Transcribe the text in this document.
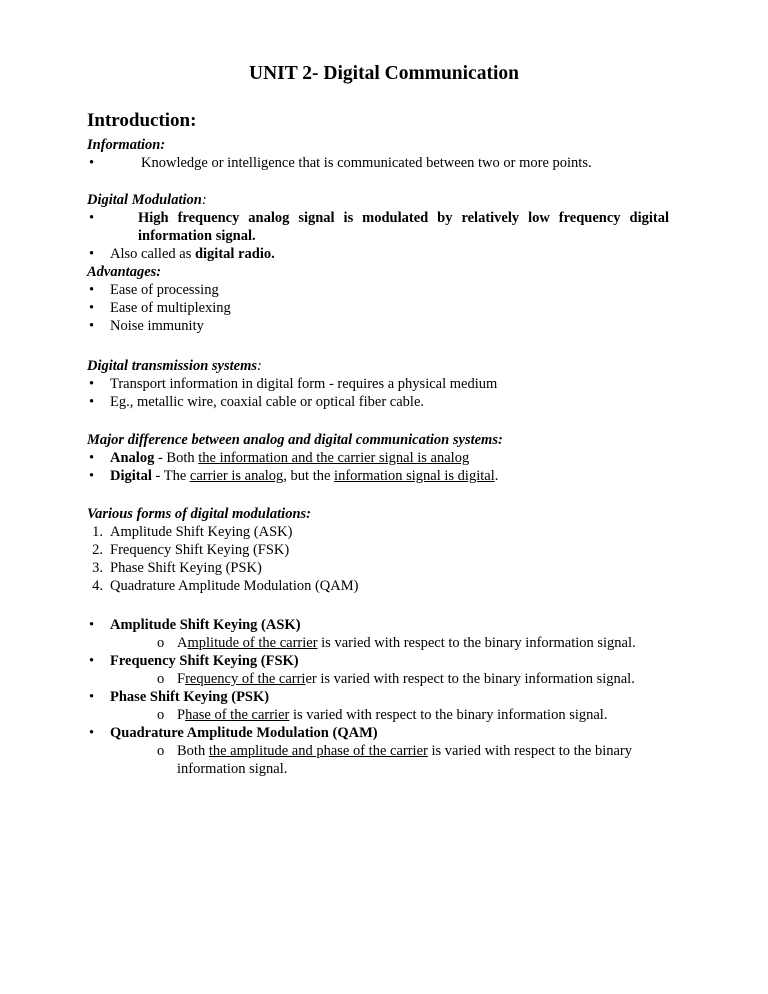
UNIT 2- Digital Communication
Introduction:
Information:
•	Knowledge or intelligence that is communicated between two or more points.
Digital Modulation:
•	High frequency analog signal is modulated by relatively low frequency digital information signal.
•	Also called as digital radio.
Advantages:
•	Ease of processing
•	Ease of multiplexing
•	Noise immunity
Digital transmission systems:
•	Transport information in digital form - requires a physical medium
•	Eg., metallic wire, coaxial cable or optical fiber cable.
Major difference between analog and digital communication systems:
•	Analog - Both the information and the carrier signal is analog
•	Digital - The carrier is analog, but the information signal is digital.
Various forms of digital modulations:
1. Amplitude Shift Keying (ASK)
2. Frequency Shift Keying (FSK)
3. Phase Shift Keying (PSK)
4. Quadrature Amplitude Modulation (QAM)
•	Amplitude Shift Keying (ASK)
o Amplitude of the carrier is varied with respect to the binary information signal.
•	Frequency Shift Keying (FSK)
o Frequency of the carrier is varied with respect to the binary information signal.
•	Phase Shift Keying (PSK)
o Phase of the carrier is varied with respect to the binary information signal.
•	Quadrature Amplitude Modulation (QAM)
o Both the amplitude and phase of the carrier is varied with respect to the binary information signal.
